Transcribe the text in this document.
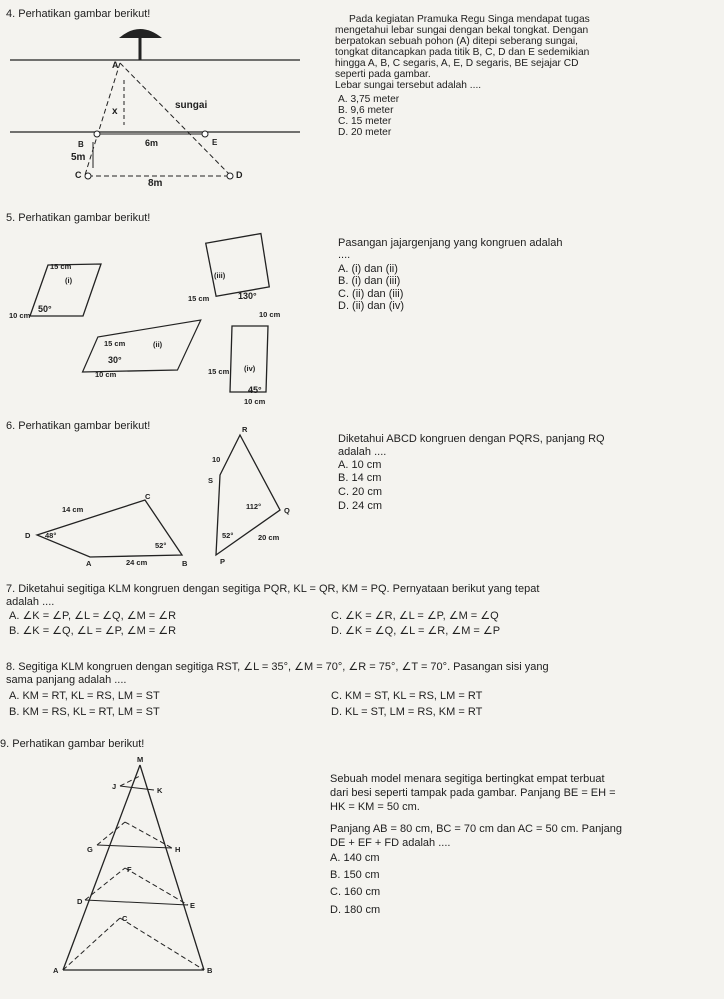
4. Perhatikan gambar berikut!	Pada kegiatan Pramuka Regu Singa mendapat tugas
mengetahui lebar sungai dengan bekal tongkat. Dengan
berpatokan sebuah pohon (A) ditepi seberang sungai,
tongkat ditancapkan pada titik B, C, D dan E sedemikian
hingga A, B, C segaris, A, E, D segaris, BE sejajar CD
seperti pada gambar.
Lebar sungai tersebut adalah ....
A. 3,75 meter
B. 9,6 meter
C. 15 meter
D. 20 meter
A
x
sungai
B	6m	E
5m
C
8m
D
5. Perhatikan gambar berikut!
Pasangan jajargenjang yang kongruen adalah
....
A. (i) dan (ii)
B. (i) dan (iii)
C. (ii) dan (iii)
D. (ii) dan (iv)
15 cm
(i)
10 cm
50°
(iii)
15 cm	130°
10 cm
15 cm	(ii)
30°
10 cm	15 cm (iv)
45°
10 cm
6. Perhatikan gambar berikut!
Diketahui ABCD kongruen dengan PQRS, panjang RQ
adalah ....
A. 10 cm
B. 14 cm
C. 20 cm
D. 24 cm
14 cm
C
D 48°
52°
A	24 cm	B
R
10
S
112°	Q
52°	20 cm
P
7. Diketahui segitiga KLM kongruen dengan segitiga PQR, KL = QR, KM = PQ. Pernyataan berikut yang tepat
adalah ....
A. ∠K = ∠P, ∠L = ∠Q, ∠M = ∠R
B. ∠K = ∠Q, ∠L = ∠P, ∠M = ∠R
C. ∠K = ∠R, ∠L = ∠P, ∠M = ∠Q
D. ∠K = ∠Q, ∠L = ∠R, ∠M = ∠P
8. Segitiga KLM kongruen dengan segitiga RST, ∠L = 35°, ∠M = 70°, ∠R = 75°, ∠T = 70°. Pasangan sisi yang
sama panjang adalah ....
A. KM = RT, KL = RS, LM = ST
B. KM = RS, KL = RT, LM = ST
C. KM = ST, KL = RS, LM = RT
D. KL = ST, LM = RS, KM = RT
9. Perhatikan gambar berikut!
Sebuah model menara segitiga bertingkat empat terbuat
dari besi seperti tampak pada gambar. Panjang BE = EH =
HK = KM = 50 cm.
Panjang AB = 80 cm, BC = 70 cm dan AC = 50 cm. Panjang
DE + EF + FD adalah ....
A. 140 cm
B. 150 cm
C. 160 cm
D. 180 cm
M
J	K
G	H
F
D	E
C
A	B
